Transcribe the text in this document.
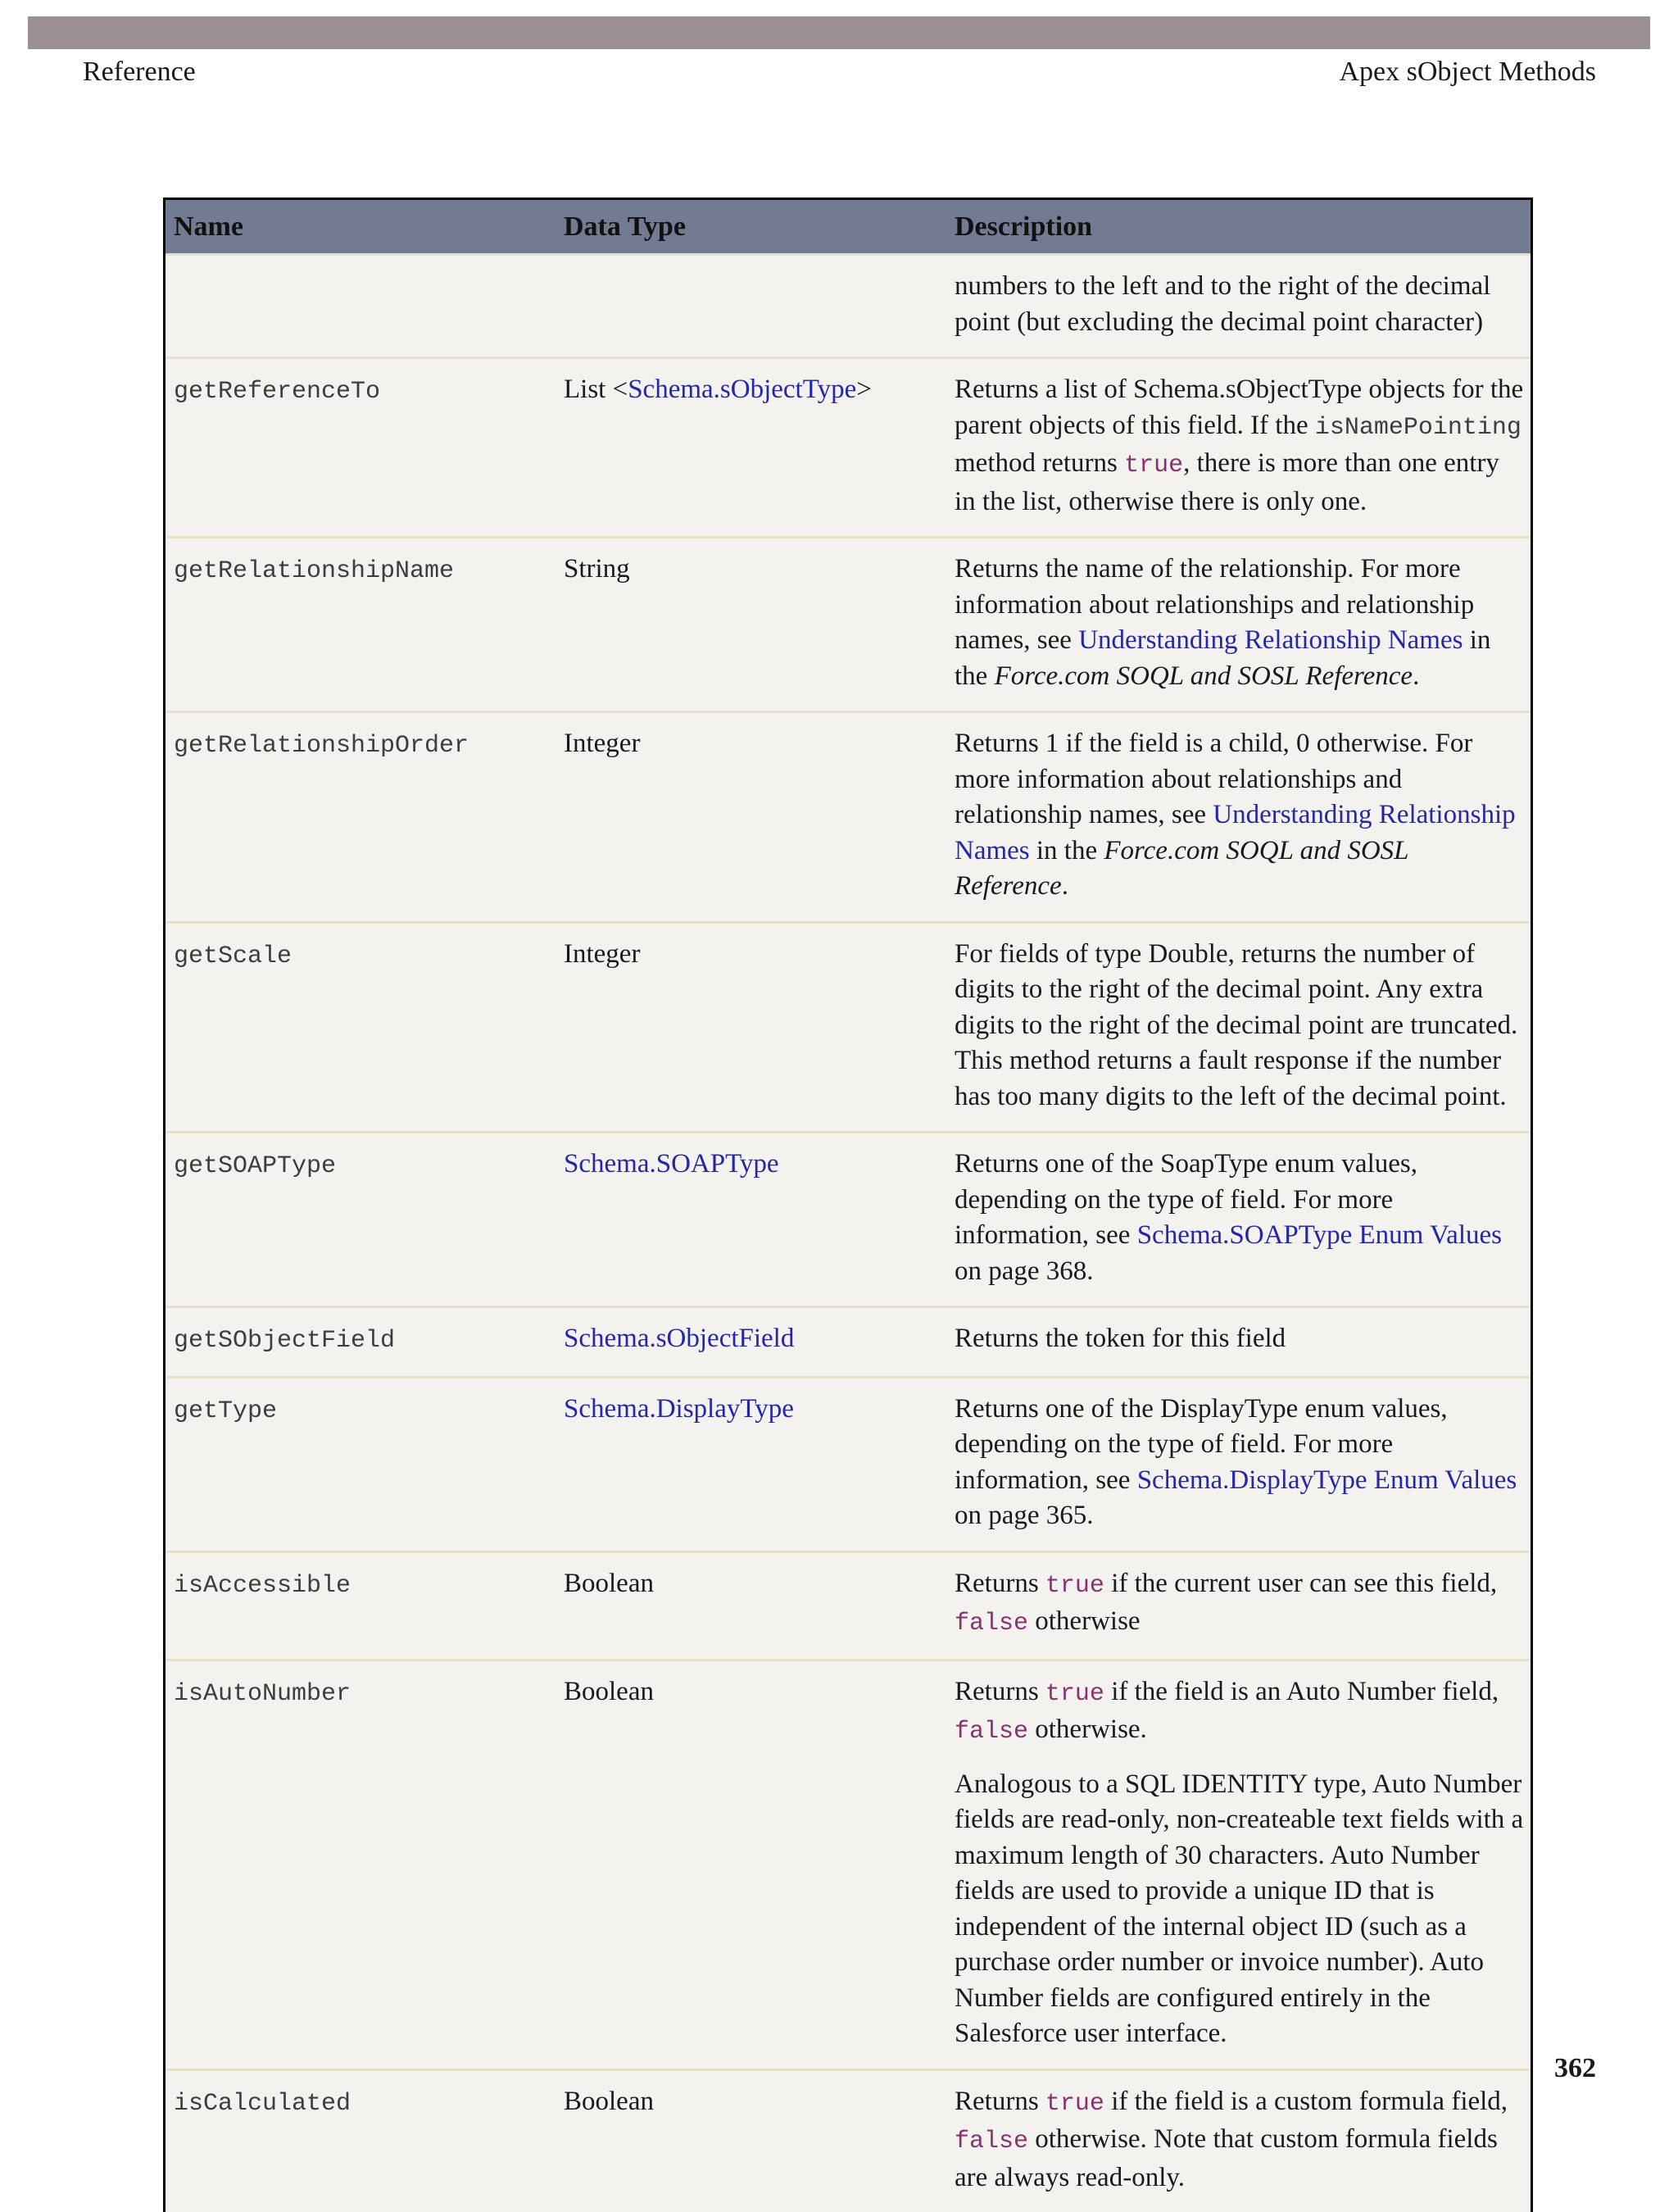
Reference	Apex sObject Methods
Name	Data Type	Description
numbers to the left and to the right of the decimal point (but excluding the decimal point character)
getReferenceTo	List <Schema.sObjectType>	Returns a list of Schema.sObjectType objects for the parent objects of this field. If the isNamePointing method returns true, there is more than one entry in the list, otherwise there is only one.
getRelationshipName	String	Returns the name of the relationship. For more information about relationships and relationship names, see Understanding Relationship Names in the Force.com SOQL and SOSL Reference.
getRelationshipOrder	Integer	Returns 1 if the field is a child, 0 otherwise. For more information about relationships and relationship names, see Understanding Relationship Names in the Force.com SOQL and SOSL Reference.
getScale	Integer	For fields of type Double, returns the number of digits to the right of the decimal point. Any extra digits to the right of the decimal point are truncated. This method returns a fault response if the number has too many digits to the left of the decimal point.
getSOAPType	Schema.SOAPType	Returns one of the SoapType enum values, depending on the type of field. For more information, see Schema.SOAPType Enum Values on page 368.
getSObjectField	Schema.sObjectField	Returns the token for this field
getType	Schema.DisplayType	Returns one of the DisplayType enum values, depending on the type of field. For more information, see Schema.DisplayType Enum Values on page 365.
isAccessible	Boolean	Returns true if the current user can see this field, false otherwise
isAutoNumber	Boolean	Returns true if the field is an Auto Number field, false otherwise.
Analogous to a SQL IDENTITY type, Auto Number fields are read-only, non-createable text fields with a maximum length of 30 characters. Auto Number fields are used to provide a unique ID that is independent of the internal object ID (such as a purchase order number or invoice number). Auto Number fields are configured entirely in the Salesforce user interface.
isCalculated	Boolean	Returns true if the field is a custom formula field, false otherwise. Note that custom formula fields are always read-only.
362
